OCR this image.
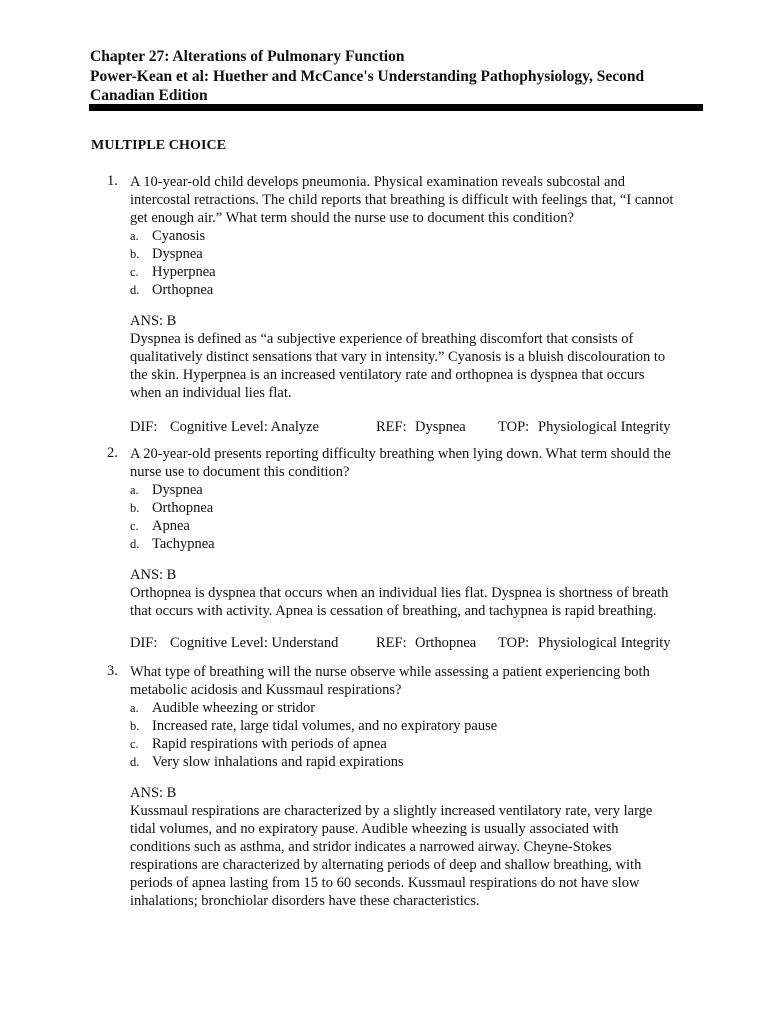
Chapter 27: Alterations of Pulmonary Function
Power-Kean et al: Huether and McCance's Understanding Pathophysiology, Second
Canadian Edition
MULTIPLE CHOICE
1. A 10-year-old child develops pneumonia. Physical examination reveals subcostal and
intercostal retractions. The child reports that breathing is difficult with feelings that, “I cannot
get enough air.” What term should the nurse use to document this condition?
a. Cyanosis
b. Dyspnea
c. Hyperpnea
d. Orthopnea
ANS: B
Dyspnea is defined as “a subjective experience of breathing discomfort that consists of
qualitatively distinct sensations that vary in intensity.” Cyanosis is a bluish discolouration to
the skin. Hyperpnea is an increased ventilatory rate and orthopnea is dyspnea that occurs
when an individual lies flat.
DIF: Cognitive Level: Analyze	REF: Dyspnea TOP: Physiological Integrity
2. A 20-year-old presents reporting difficulty breathing when lying down. What term should the
nurse use to document this condition?
a. Dyspnea
b. Orthopnea
c. Apnea
d. Tachypnea
ANS: B
Orthopnea is dyspnea that occurs when an individual lies flat. Dyspnea is shortness of breath
that occurs with activity. Apnea is cessation of breathing, and tachypnea is rapid breathing.
DIF: Cognitive Level: Understand	REF: Orthopnea TOP: Physiological Integrity
3. What type of breathing will the nurse observe while assessing a patient experiencing both
metabolic acidosis and Kussmaul respirations?
a. Audible wheezing or stridor
b. Increased rate, large tidal volumes, and no expiratory pause
c. Rapid respirations with periods of apnea
d. Very slow inhalations and rapid expirations
ANS: B
Kussmaul respirations are characterized by a slightly increased ventilatory rate, very large
tidal volumes, and no expiratory pause. Audible wheezing is usually associated with
conditions such as asthma, and stridor indicates a narrowed airway. Cheyne-Stokes
respirations are characterized by alternating periods of deep and shallow breathing, with
periods of apnea lasting from 15 to 60 seconds. Kussmaul respirations do not have slow
inhalations; bronchiolar disorders have these characteristics.
